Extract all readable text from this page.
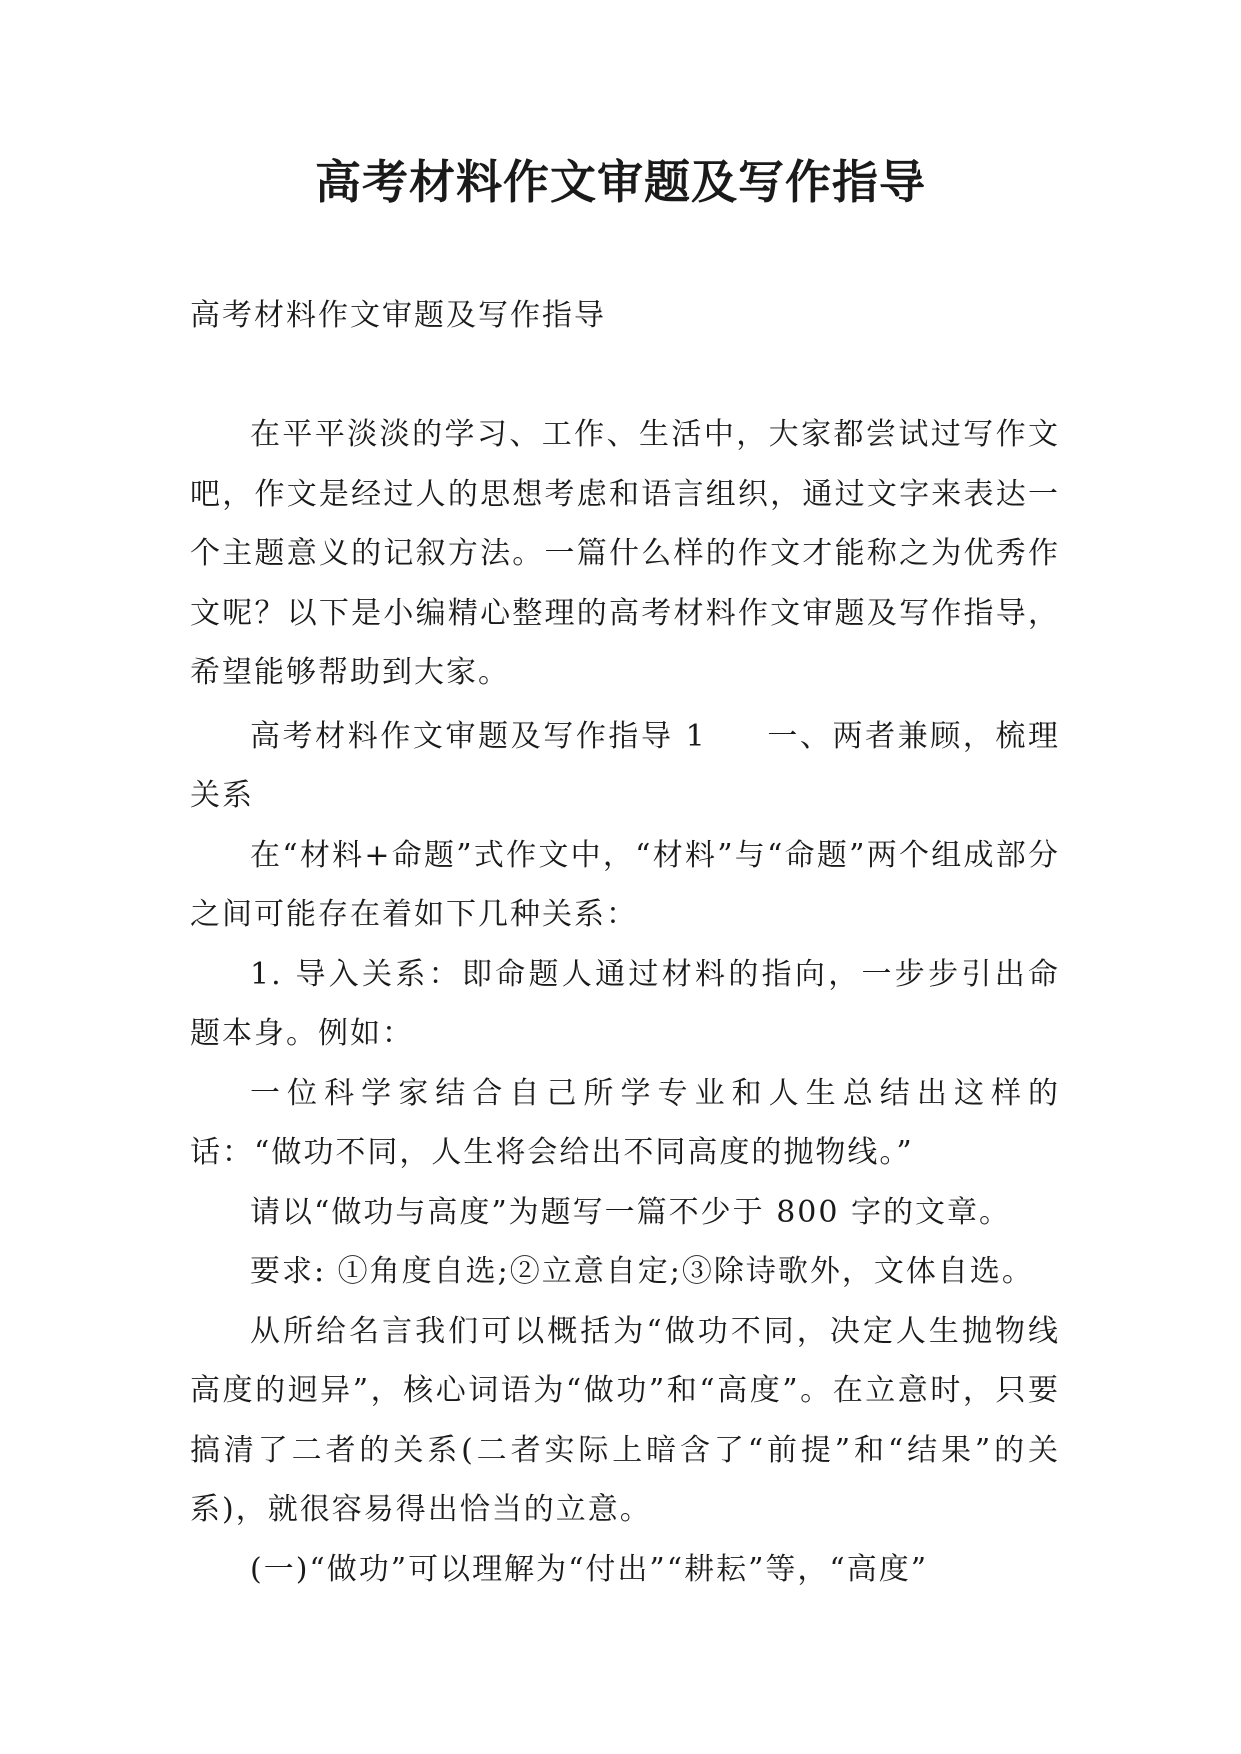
高考材料作文审题及写作指导
高考材料作文审题及写作指导

在平平淡淡的学习、工作、生活中，大家都尝试过写作文吧，作文是经过人的思想考虑和语言组织，通过文字来表达一个主题意义的记叙方法。一篇什么样的作文才能称之为优秀作文呢？以下是小编精心整理的高考材料作文审题及写作指导，希望能够帮助到大家。

高考材料作文审题及写作指导 1 一、两者兼顾，梳理关系

在“材料+命题”式作文中，“材料”与“命题”两个组成部分之间可能存在着如下几种关系：

1. 导入关系：即命题人通过材料的指向，一步步引出命题本身。例如：

一位科学家结合自己所学专业和人生总结出这样的话：“做功不同，人生将会给出不同高度的抛物线。”

请以“做功与高度”为题写一篇不少于 800 字的文章。

要求: ①角度自选;②立意自定;③除诗歌外，文体自选。

从所给名言我们可以概括为“做功不同，决定人生抛物线高度的迥异”，核心词语为“做功”和“高度”。在立意时，只要搞清了二者的关系(二者实际上暗含了“前提”和“结果”的关系)，就很容易得出恰当的立意。

(一)“做功”可以理解为“付出”“耕耘”等，“高度”
